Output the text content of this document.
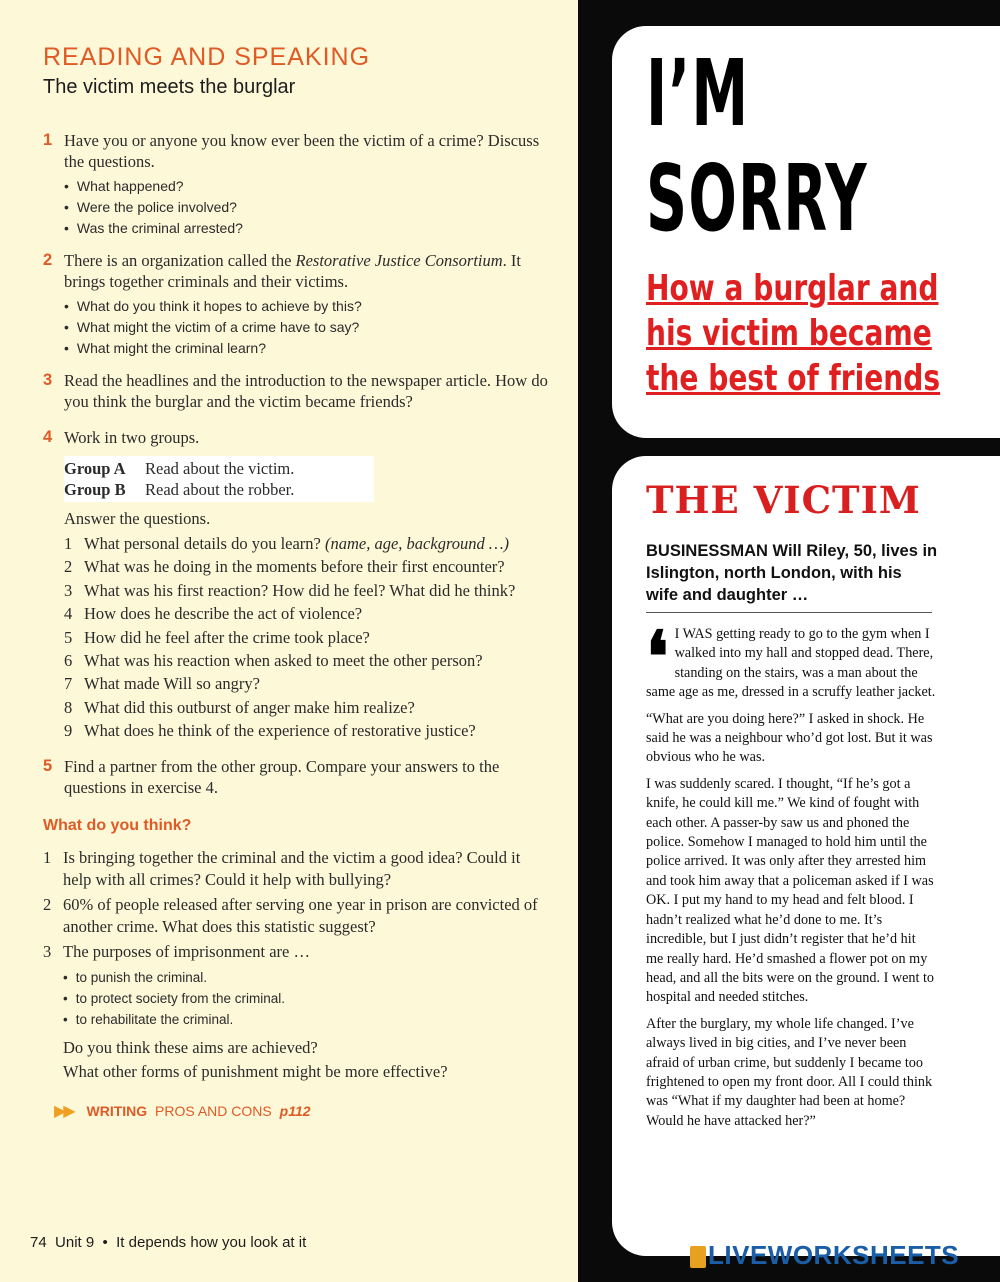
READING AND SPEAKING
The victim meets the burglar
1 Have you or anyone you know ever been the victim of a crime? Discuss the questions.
• What happened?
• Were the police involved?
• Was the criminal arrested?
2 There is an organization called the Restorative Justice Consortium. It brings together criminals and their victims.
• What do you think it hopes to achieve by this?
• What might the victim of a crime have to say?
• What might the criminal learn?
3 Read the headlines and the introduction to the newspaper article. How do you think the burglar and the victim became friends?
4 Work in two groups.
Group A Read about the victim.
Group B Read about the robber.
Answer the questions.
1 What personal details do you learn? (name, age, background …)
2 What was he doing in the moments before their first encounter?
3 What was his first reaction? How did he feel? What did he think?
4 How does he describe the act of violence?
5 How did he feel after the crime took place?
6 What was his reaction when asked to meet the other person?
7 What made Will so angry?
8 What did this outburst of anger make him realize?
9 What does he think of the experience of restorative justice?
5 Find a partner from the other group. Compare your answers to the questions in exercise 4.
What do you think?
1 Is bringing together the criminal and the victim a good idea? Could it help with all crimes? Could it help with bullying?
2 60% of people released after serving one year in prison are convicted of another crime. What does this statistic suggest?
3 The purposes of imprisonment are …
• to punish the criminal.
• to protect society from the criminal.
• to rehabilitate the criminal.
Do you think these aims are achieved?
What other forms of punishment might be more effective?
▶▶ WRITING PROS AND CONS p112
74  Unit 9  •  It depends how you look at it
I’M
SORRY
How a burglar and
his victim became
the best of friends
THE VICTIM
BUSINESSMAN Will Riley, 50, lives in Islington, north London, with his wife and daughter …

❛ I WAS getting ready to go to the gym when I walked into my hall and stopped dead. There, standing on the stairs, was a man about the same age as me, dressed in a scruffy leather jacket.

“What are you doing here?” I asked in shock. He said he was a neighbour who’d got lost. But it was obvious who he was.

I was suddenly scared. I thought, “If he’s got a knife, he could kill me.” We kind of fought with each other. A passer-by saw us and phoned the police. Somehow I managed to hold him until the police arrived. It was only after they arrested him and took him away that a policeman asked if I was OK. I put my hand to my head and felt blood. I hadn’t realized what he’d done to me. It’s incredible, but I just didn’t register that he’d hit me really hard. He’d smashed a flower pot on my head, and all the bits were on the ground. I went to hospital and needed stitches.

After the burglary, my whole life changed. I’ve always lived in big cities, and I’ve never been afraid of urban crime, but suddenly I became too frightened to open my front door. All I could think was “What if my daughter had been at home? Would he have attacked her?”

LIVEWORKSHEETS
